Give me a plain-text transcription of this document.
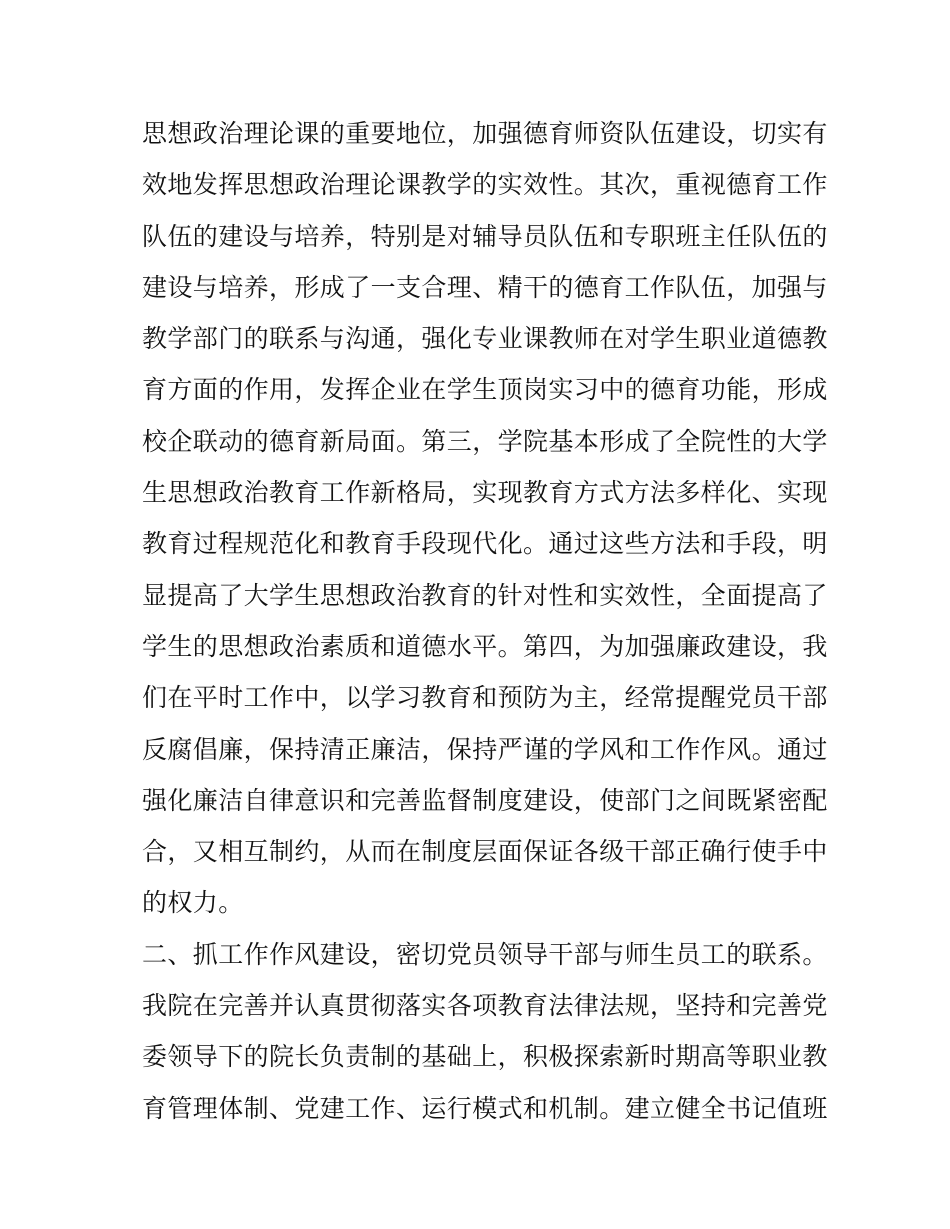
思想政治理论课的重要地位，加强德育师资队伍建设，切实有
效地发挥思想政治理论课教学的实效性。其次，重视德育工作
队伍的建设与培养，特别是对辅导员队伍和专职班主任队伍的
建设与培养，形成了一支合理、精干的德育工作队伍，加强与
教学部门的联系与沟通，强化专业课教师在对学生职业道德教
育方面的作用，发挥企业在学生顶岗实习中的德育功能，形成
校企联动的德育新局面。第三，学院基本形成了全院性的大学
生思想政治教育工作新格局，实现教育方式方法多样化、实现
教育过程规范化和教育手段现代化。通过这些方法和手段，明
显提高了大学生思想政治教育的针对性和实效性，全面提高了
学生的思想政治素质和道德水平。第四，为加强廉政建设，我
们在平时工作中，以学习教育和预防为主，经常提醒党员干部
反腐倡廉，保持清正廉洁，保持严谨的学风和工作作风。通过
强化廉洁自律意识和完善监督制度建设，使部门之间既紧密配
合，又相互制约，从而在制度层面保证各级干部正确行使手中
的权力。
二、抓工作作风建设，密切党员领导干部与师生员工的联系。
我院在完善并认真贯彻落实各项教育法律法规，坚持和完善党
委领导下的院长负责制的基础上，积极探索新时期高等职业教
育管理体制、党建工作、运行模式和机制。建立健全书记值班
